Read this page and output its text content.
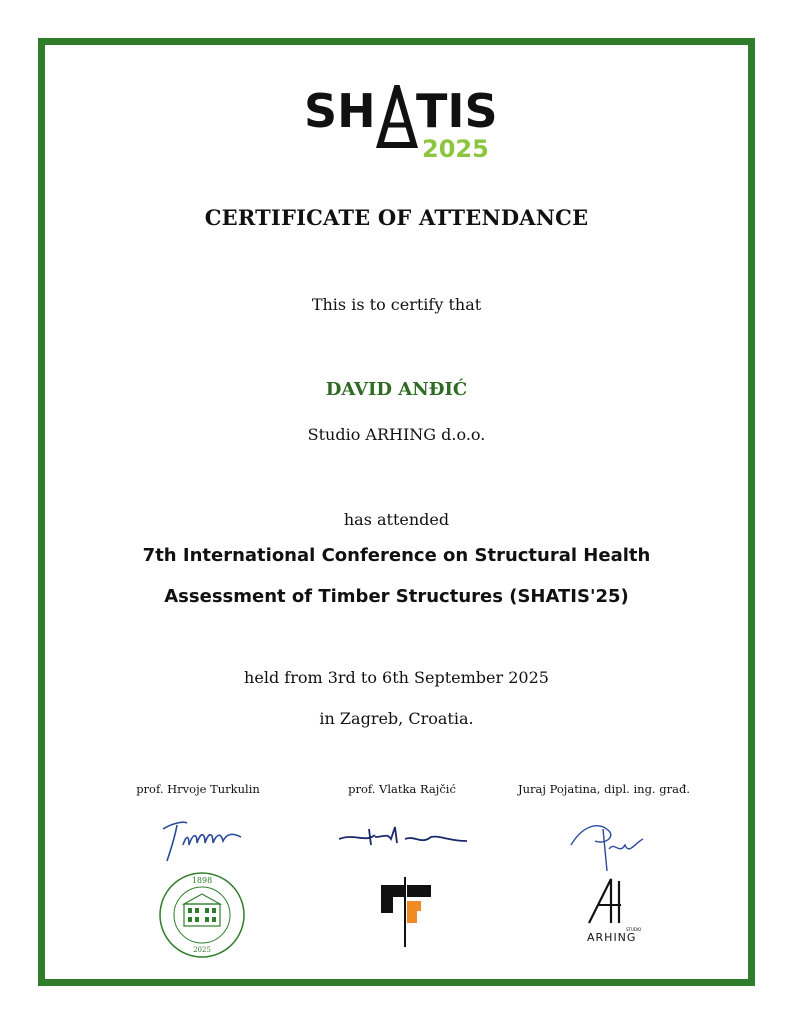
SH TIS
2025
CERTIFICATE OF ATTENDANCE
This is to certify that
DAVID ANĐIĆ
Studio ARHING d.o.o.
has attended
7th International Conference on Structural Health
Assessment of Timber Structures (SHATIS'25)
held from 3rd to 6th September 2025
in Zagreb, Croatia.
prof. Hrvoje Turkulin	prof. Vlatka Rajčić	Juraj Pojatina, dipl. ing. građ.
1898
2025
STUDIO
ARHING
